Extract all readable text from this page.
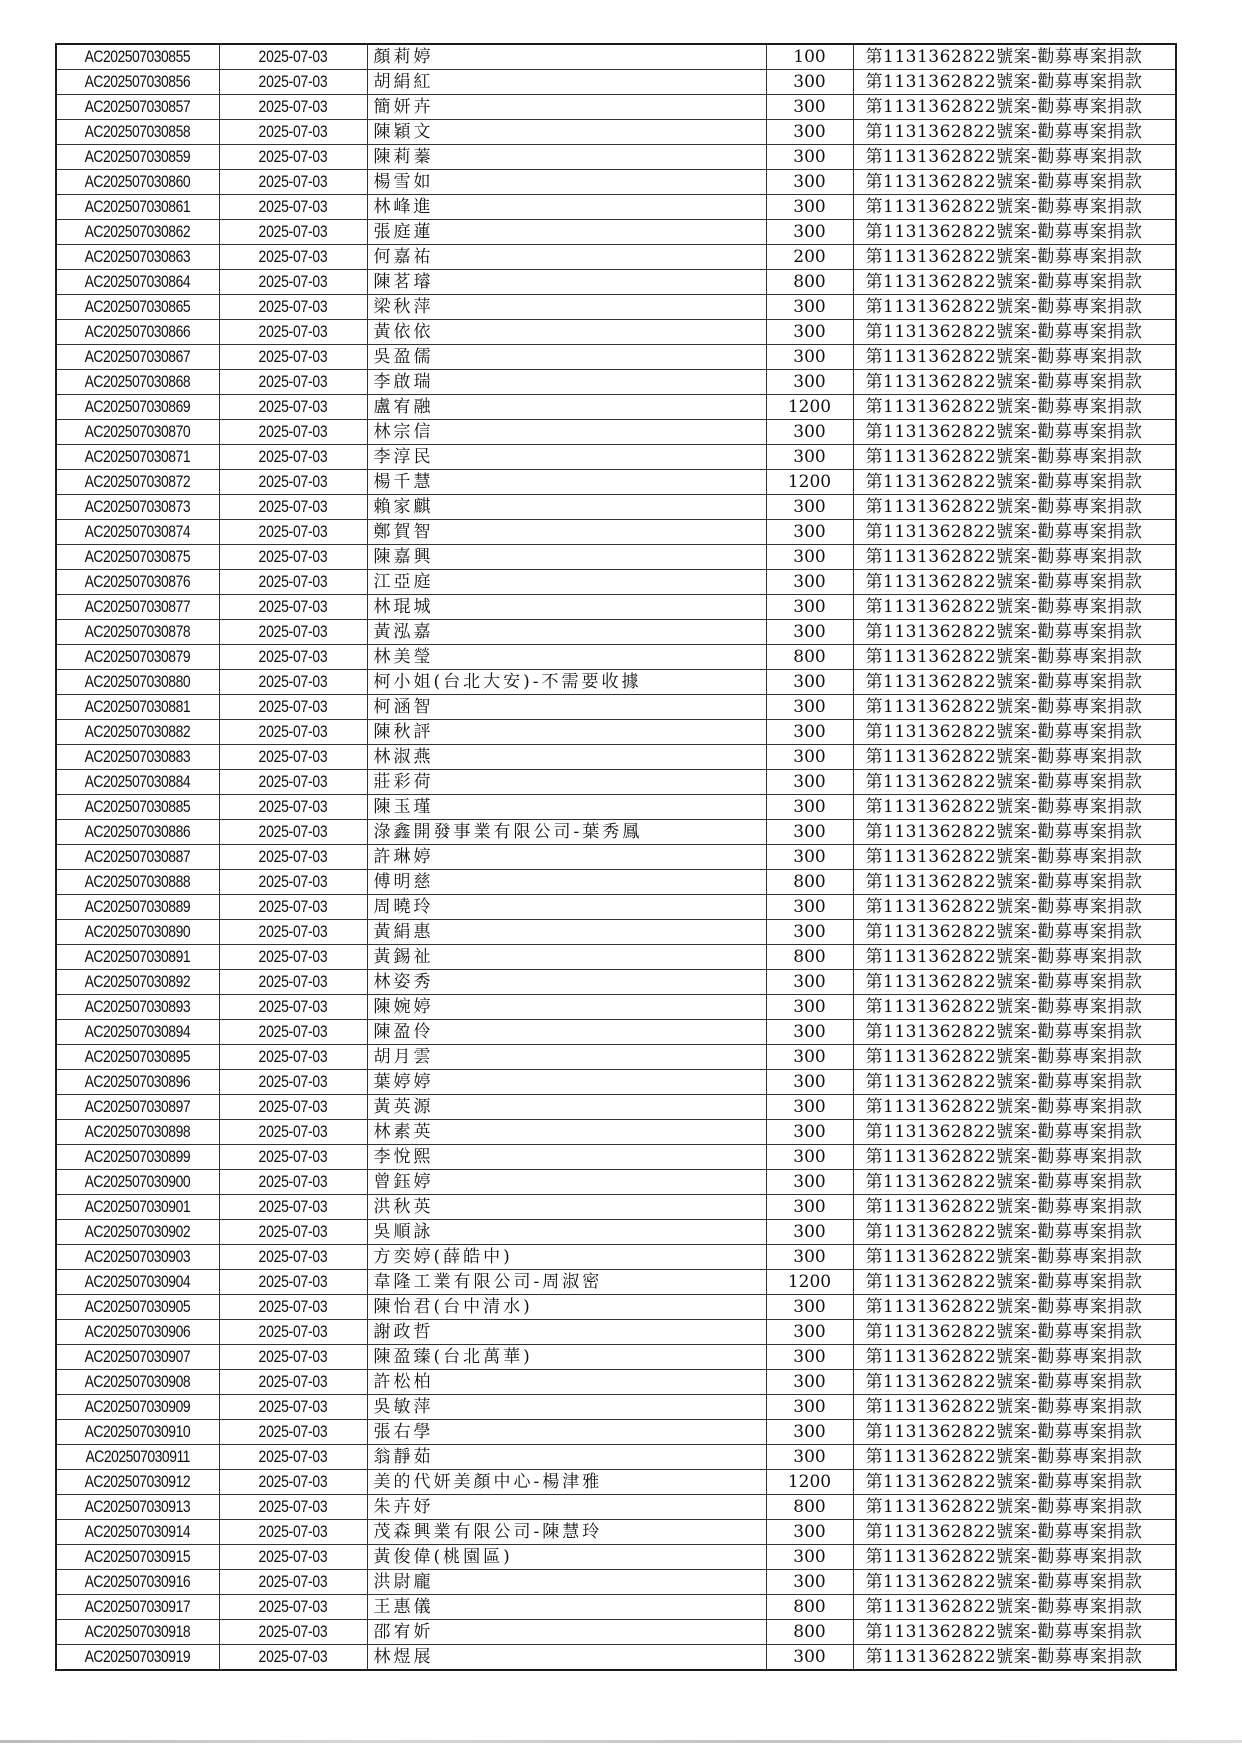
AC202507030855	2025-07-03	顏莉婷	100	第1131362822號案-勸募專案捐款
AC202507030856	2025-07-03	胡絹紅	300	第1131362822號案-勸募專案捐款
AC202507030857	2025-07-03	簡妍卉	300	第1131362822號案-勸募專案捐款
AC202507030858	2025-07-03	陳穎文	300	第1131362822號案-勸募專案捐款
AC202507030859	2025-07-03	陳莉蓁	300	第1131362822號案-勸募專案捐款
AC202507030860	2025-07-03	楊雪如	300	第1131362822號案-勸募專案捐款
AC202507030861	2025-07-03	林峰進	300	第1131362822號案-勸募專案捐款
AC202507030862	2025-07-03	張庭蓮	300	第1131362822號案-勸募專案捐款
AC202507030863	2025-07-03	何嘉祐	200	第1131362822號案-勸募專案捐款
AC202507030864	2025-07-03	陳茗璿	800	第1131362822號案-勸募專案捐款
AC202507030865	2025-07-03	梁秋萍	300	第1131362822號案-勸募專案捐款
AC202507030866	2025-07-03	黃依依	300	第1131362822號案-勸募專案捐款
AC202507030867	2025-07-03	吳盈儒	300	第1131362822號案-勸募專案捐款
AC202507030868	2025-07-03	李啟瑞	300	第1131362822號案-勸募專案捐款
AC202507030869	2025-07-03	盧宥融	1200	第1131362822號案-勸募專案捐款
AC202507030870	2025-07-03	林宗信	300	第1131362822號案-勸募專案捐款
AC202507030871	2025-07-03	李淳民	300	第1131362822號案-勸募專案捐款
AC202507030872	2025-07-03	楊千慧	1200	第1131362822號案-勸募專案捐款
AC202507030873	2025-07-03	賴家麒	300	第1131362822號案-勸募專案捐款
AC202507030874	2025-07-03	鄭賀智	300	第1131362822號案-勸募專案捐款
AC202507030875	2025-07-03	陳嘉興	300	第1131362822號案-勸募專案捐款
AC202507030876	2025-07-03	江亞庭	300	第1131362822號案-勸募專案捐款
AC202507030877	2025-07-03	林琨城	300	第1131362822號案-勸募專案捐款
AC202507030878	2025-07-03	黃泓嘉	300	第1131362822號案-勸募專案捐款
AC202507030879	2025-07-03	林美瑩	800	第1131362822號案-勸募專案捐款
AC202507030880	2025-07-03	柯小姐(台北大安)-不需要收據	300	第1131362822號案-勸募專案捐款
AC202507030881	2025-07-03	柯涵智	300	第1131362822號案-勸募專案捐款
AC202507030882	2025-07-03	陳秋評	300	第1131362822號案-勸募專案捐款
AC202507030883	2025-07-03	林淑燕	300	第1131362822號案-勸募專案捐款
AC202507030884	2025-07-03	莊彩荷	300	第1131362822號案-勸募專案捐款
AC202507030885	2025-07-03	陳玉瑾	300	第1131362822號案-勸募專案捐款
AC202507030886	2025-07-03	淥鑫開發事業有限公司-葉秀鳳	300	第1131362822號案-勸募專案捐款
AC202507030887	2025-07-03	許琳婷	300	第1131362822號案-勸募專案捐款
AC202507030888	2025-07-03	傅明慈	800	第1131362822號案-勸募專案捐款
AC202507030889	2025-07-03	周曉玲	300	第1131362822號案-勸募專案捐款
AC202507030890	2025-07-03	黃絹惠	300	第1131362822號案-勸募專案捐款
AC202507030891	2025-07-03	黃錫祉	800	第1131362822號案-勸募專案捐款
AC202507030892	2025-07-03	林姿秀	300	第1131362822號案-勸募專案捐款
AC202507030893	2025-07-03	陳婉婷	300	第1131362822號案-勸募專案捐款
AC202507030894	2025-07-03	陳盈伶	300	第1131362822號案-勸募專案捐款
AC202507030895	2025-07-03	胡月雲	300	第1131362822號案-勸募專案捐款
AC202507030896	2025-07-03	葉婷婷	300	第1131362822號案-勸募專案捐款
AC202507030897	2025-07-03	黃英源	300	第1131362822號案-勸募專案捐款
AC202507030898	2025-07-03	林素英	300	第1131362822號案-勸募專案捐款
AC202507030899	2025-07-03	李悅熙	300	第1131362822號案-勸募專案捐款
AC202507030900	2025-07-03	曾鈺婷	300	第1131362822號案-勸募專案捐款
AC202507030901	2025-07-03	洪秋英	300	第1131362822號案-勸募專案捐款
AC202507030902	2025-07-03	吳順詠	300	第1131362822號案-勸募專案捐款
AC202507030903	2025-07-03	方奕婷(薛皓中)	300	第1131362822號案-勸募專案捐款
AC202507030904	2025-07-03	韋隆工業有限公司-周淑密	1200	第1131362822號案-勸募專案捐款
AC202507030905	2025-07-03	陳怡君(台中清水)	300	第1131362822號案-勸募專案捐款
AC202507030906	2025-07-03	謝政哲	300	第1131362822號案-勸募專案捐款
AC202507030907	2025-07-03	陳盈臻(台北萬華)	300	第1131362822號案-勸募專案捐款
AC202507030908	2025-07-03	許松柏	300	第1131362822號案-勸募專案捐款
AC202507030909	2025-07-03	吳敏萍	300	第1131362822號案-勸募專案捐款
AC202507030910	2025-07-03	張右學	300	第1131362822號案-勸募專案捐款
AC202507030911	2025-07-03	翁靜茹	300	第1131362822號案-勸募專案捐款
AC202507030912	2025-07-03	美的代妍美顏中心-楊津雅	1200	第1131362822號案-勸募專案捐款
AC202507030913	2025-07-03	朱卉妤	800	第1131362822號案-勸募專案捐款
AC202507030914	2025-07-03	茂森興業有限公司-陳慧玲	300	第1131362822號案-勸募專案捐款
AC202507030915	2025-07-03	黃俊偉(桃園區)	300	第1131362822號案-勸募專案捐款
AC202507030916	2025-07-03	洪尉龐	300	第1131362822號案-勸募專案捐款
AC202507030917	2025-07-03	王惠儀	800	第1131362822號案-勸募專案捐款
AC202507030918	2025-07-03	邵宥妡	800	第1131362822號案-勸募專案捐款
AC202507030919	2025-07-03	林煜展	300	第1131362822號案-勸募專案捐款
